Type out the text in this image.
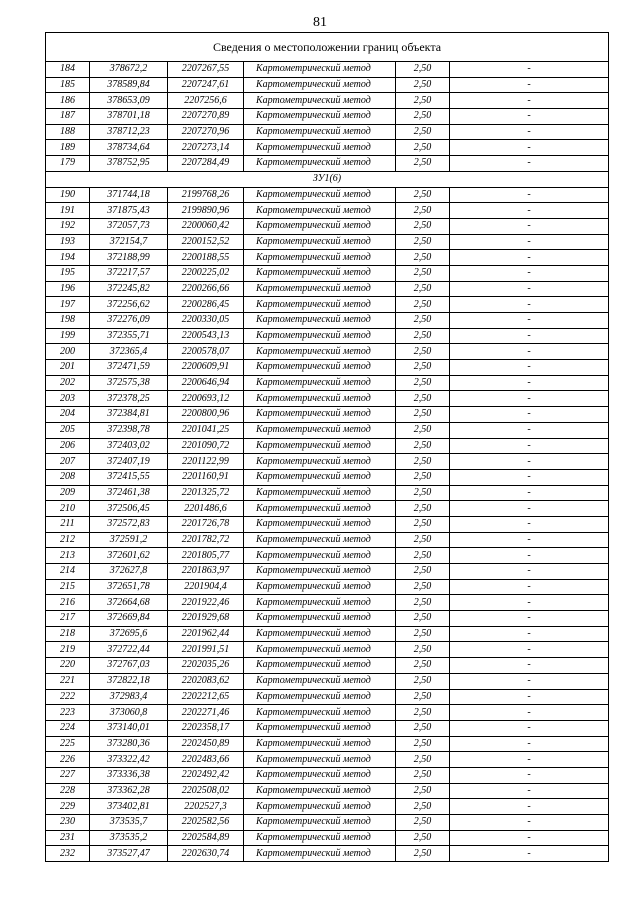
81
Сведения о местоположении границ объекта					
184	378672,2	2207267,55	Картометрический метод	2,50	-
185	378589,84	2207247,61	Картометрический метод	2,50	-
186	378653,09	2207256,6	Картометрический метод	2,50	-
187	378701,18	2207270,89	Картометрический метод	2,50	-
188	378712,23	2207270,96	Картометрический метод	2,50	-
189	378734,64	2207273,14	Картометрический метод	2,50	-
179	378752,95	2207284,49	Картометрический метод	2,50	-
ЗУ1(6)					
190	371744,18	2199768,26	Картометрический метод	2,50	-
191	371875,43	2199890,96	Картометрический метод	2,50	-
192	372057,73	2200060,42	Картометрический метод	2,50	-
193	372154,7	2200152,52	Картометрический метод	2,50	-
194	372188,99	2200188,55	Картометрический метод	2,50	-
195	372217,57	2200225,02	Картометрический метод	2,50	-
196	372245,82	2200266,66	Картометрический метод	2,50	-
197	372256,62	2200286,45	Картометрический метод	2,50	-
198	372276,09	2200330,05	Картометрический метод	2,50	-
199	372355,71	2200543,13	Картометрический метод	2,50	-
200	372365,4	2200578,07	Картометрический метод	2,50	-
201	372471,59	2200609,91	Картометрический метод	2,50	-
202	372575,38	2200646,94	Картометрический метод	2,50	-
203	372378,25	2200693,12	Картометрический метод	2,50	-
204	372384,81	2200800,96	Картометрический метод	2,50	-
205	372398,78	2201041,25	Картометрический метод	2,50	-
206	372403,02	2201090,72	Картометрический метод	2,50	-
207	372407,19	2201122,99	Картометрический метод	2,50	-
208	372415,55	2201160,91	Картометрический метод	2,50	-
209	372461,38	2201325,72	Картометрический метод	2,50	-
210	372506,45	2201486,6	Картометрический метод	2,50	-
211	372572,83	2201726,78	Картометрический метод	2,50	-
212	372591,2	2201782,72	Картометрический метод	2,50	-
213	372601,62	2201805,77	Картометрический метод	2,50	-
214	372627,8	2201863,97	Картометрический метод	2,50	-
215	372651,78	2201904,4	Картометрический метод	2,50	-
216	372664,68	2201922,46	Картометрический метод	2,50	-
217	372669,84	2201929,68	Картометрический метод	2,50	-
218	372695,6	2201962,44	Картометрический метод	2,50	-
219	372722,44	2201991,51	Картометрический метод	2,50	-
220	372767,03	2202035,26	Картометрический метод	2,50	-
221	372822,18	2202083,62	Картометрический метод	2,50	-
222	372983,4	2202212,65	Картометрический метод	2,50	-
223	373060,8	2202271,46	Картометрический метод	2,50	-
224	373140,01	2202358,17	Картометрический метод	2,50	-
225	373280,36	2202450,89	Картометрический метод	2,50	-
226	373322,42	2202483,66	Картометрический метод	2,50	-
227	373336,38	2202492,42	Картометрический метод	2,50	-
228	373362,28	2202508,02	Картометрический метод	2,50	-
229	373402,81	2202527,3	Картометрический метод	2,50	-
230	373535,7	2202582,56	Картометрический метод	2,50	-
231	373535,2	2202584,89	Картометрический метод	2,50	-
232	373527,47	2202630,74	Картометрический метод	2,50	-
